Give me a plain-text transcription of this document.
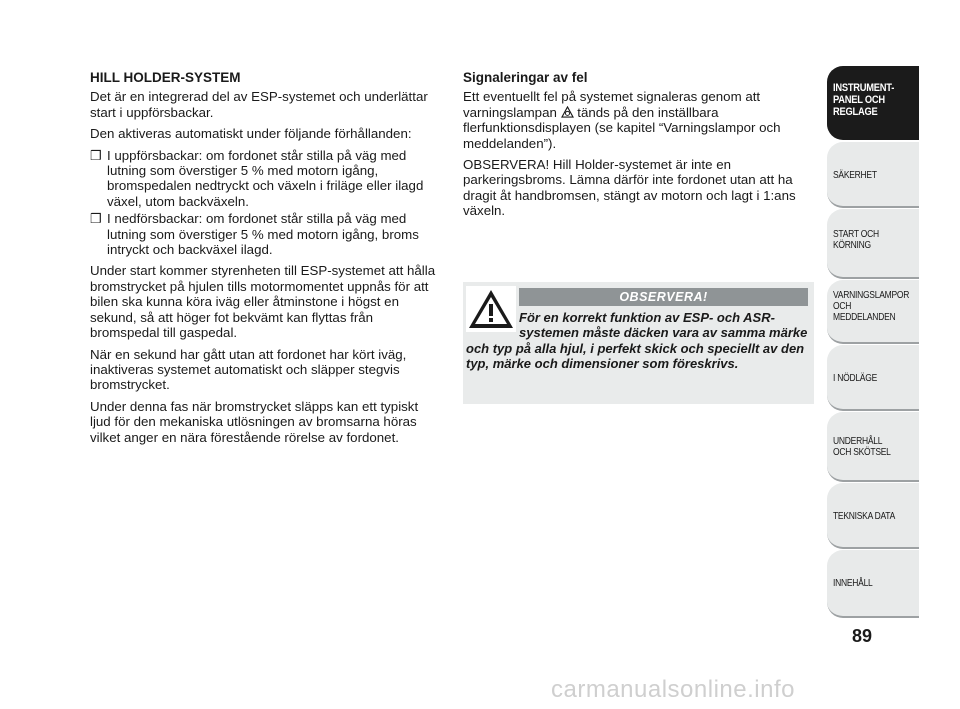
HILL HOLDER-SYSTEM

Det är en integrerad del av ESP-systemet och underlättar start i uppförsbackar.

Den aktiveras automatiskt under följande förhållanden:

❒ I uppförsbackar: om fordonet står stilla på väg med lutning som överstiger 5 % med motorn igång, bromspedalen nedtryckt och växeln i friläge eller ilagd växel, utom backväxeln.
❒ I nedförsbackar: om fordonet står stilla på väg med lutning som överstiger 5 % med motorn igång, broms intryckt och backväxel ilagd.

Under start kommer styrenheten till ESP-systemet att hålla bromstrycket på hjulen tills motormomentet uppnås för att bilen ska kunna köra iväg eller åtminstone i högst en sekund, så att höger fot bekvämt kan flyttas från bromspedal till gaspedal.

När en sekund har gått utan att fordonet har kört iväg, inaktiveras systemet automatiskt och släpper stegvis bromstrycket.

Under denna fas när bromstrycket släpps kan ett typiskt ljud för den mekaniska utlösningen av bromsarna höras vilket anger en nära förestående rörelse av fordonet.

Signaleringar av fel

Ett eventuellt fel på systemet signaleras genom att varningslampan  tänds på den inställbara flerfunktionsdisplayen (se kapitel “Varningslampor och meddelanden”).

OBSERVERA! Hill Holder-systemet är inte en parkeringsbroms. Lämna därför inte fordonet utan att ha dragit åt handbromsen, stängt av motorn och lagt i 1:ans växeln.

OBSERVERA!
För en korrekt funktion av ESP- och ASR-systemen måste däcken vara av samma märke och typ på alla hjul, i perfekt skick och speciellt av den typ, märke och dimensioner som föreskrivs.
INSTRUMENT-
PANEL OCH
REGLAGE
SÄKERHET
START OCH
KÖRNING
VARNINGSLAMPOR
OCH
MEDDELANDEN
I NÖDLÄGE
UNDERHÅLL
OCH SKÖTSEL
TEKNISKA DATA
INNEHÅLL
89
carmanualsonline.info
